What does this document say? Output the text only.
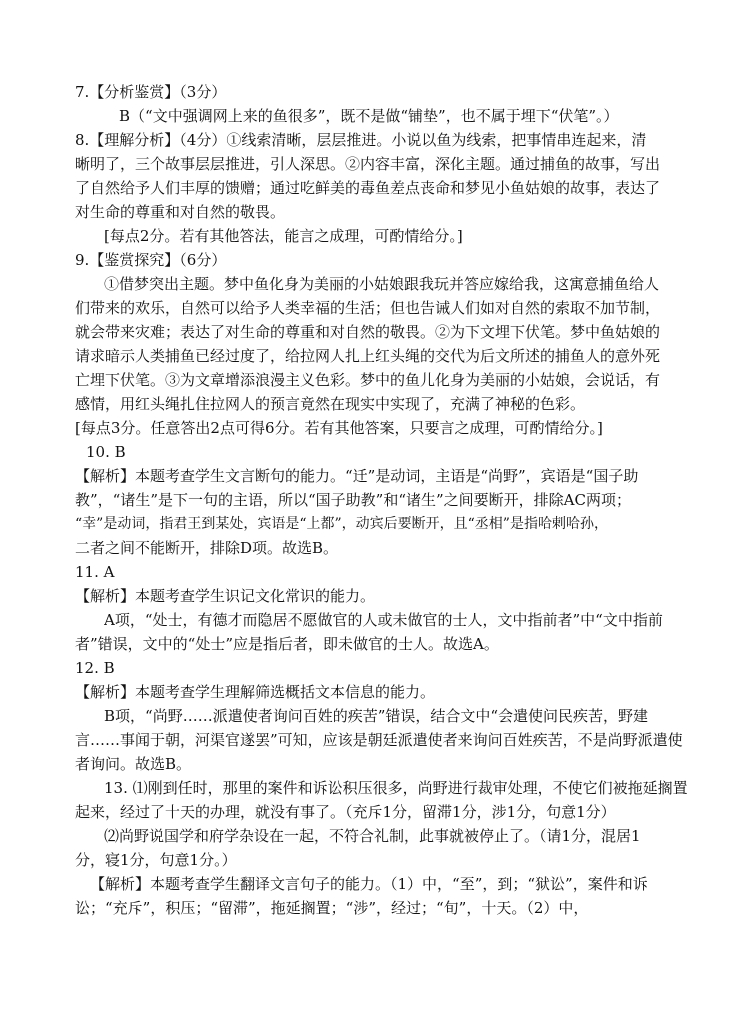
7.【分析鉴赏】（3分）
B（“文中强调网上来的鱼很多”，既不是做“铺垫”，也不属于埋下“伏笔”。）
8.【理解分析】（4分）①线索清晰，层层推进。小说以鱼为线索，把事情串连起来，清
晰明了，三个故事层层推进，引人深思。②内容丰富，深化主题。通过捕鱼的故事，写出
了自然给予人们丰厚的馈赠；通过吃鲜美的毒鱼差点丧命和梦见小鱼姑娘的故事，表达了
对生命的尊重和对自然的敬畏。
[每点2分。若有其他答法，能言之成理，可酌情给分。]
9.【鉴赏探究】（6分）
①借梦突出主题。梦中鱼化身为美丽的小姑娘跟我玩并答应嫁给我，这寓意捕鱼给人
们带来的欢乐，自然可以给予人类幸福的生活；但也告诫人们如对自然的索取不加节制，
就会带来灾难；表达了对生命的尊重和对自然的敬畏。②为下文埋下伏笔。梦中鱼姑娘的
请求暗示人类捕鱼已经过度了，给拉网人扎上红头绳的交代为后文所述的捕鱼人的意外死
亡埋下伏笔。③为文章增添浪漫主义色彩。梦中的鱼儿化身为美丽的小姑娘，会说话，有
感情，用红头绳扎住拉网人的预言竟然在现实中实现了，充满了神秘的色彩。
[每点3分。任意答出2点可得6分。若有其他答案，只要言之成理，可酌情给分。]
10. B
【解析】本题考查学生文言断句的能力。“迁”是动词，主语是“尚野”，宾语是“国子助
教”，“诸生”是下一句的主语，所以“国子助教”和“诸生”之间要断开，排除AC两项；
“幸”是动词，指君王到某处，宾语是“上都”，动宾后要断开，且“丞相”是指哈剌哈孙，
二者之间不能断开，排除D项。故选B。
11. A
【解析】本题考查学生识记文化常识的能力。
A项，“处士，有德才而隐居不愿做官的人或未做官的士人，文中指前者”中“文中指前
者”错误，文中的“处士”应是指后者，即未做官的士人。故选A。
12. B
【解析】本题考查学生理解筛选概括文本信息的能力。
B项，“尚野……派遣使者询问百姓的疾苦”错误，结合文中“会遣使问民疾苦，野建
言……事闻于朝，河渠官遂罢”可知，应该是朝廷派遣使者来询问百姓疾苦，不是尚野派遣使
者询问。故选B。
13. ⑴刚到任时，那里的案件和诉讼积压很多，尚野进行裁审处理，不使它们被拖延搁置
起来，经过了十天的办理，就没有事了。（充斥1分，留滞1分，涉1分，句意1分）
⑵尚野说国学和府学杂设在一起，不符合礼制，此事就被停止了。（请1分，混居1
分，寝1分，句意1分。）
【解析】本题考查学生翻译文言句子的能力。（1）中，“至”，到；“狱讼”，案件和诉
讼；“充斥”，积压；“留滞”，拖延搁置；“涉”，经过；“旬”，十天。（2）中，
